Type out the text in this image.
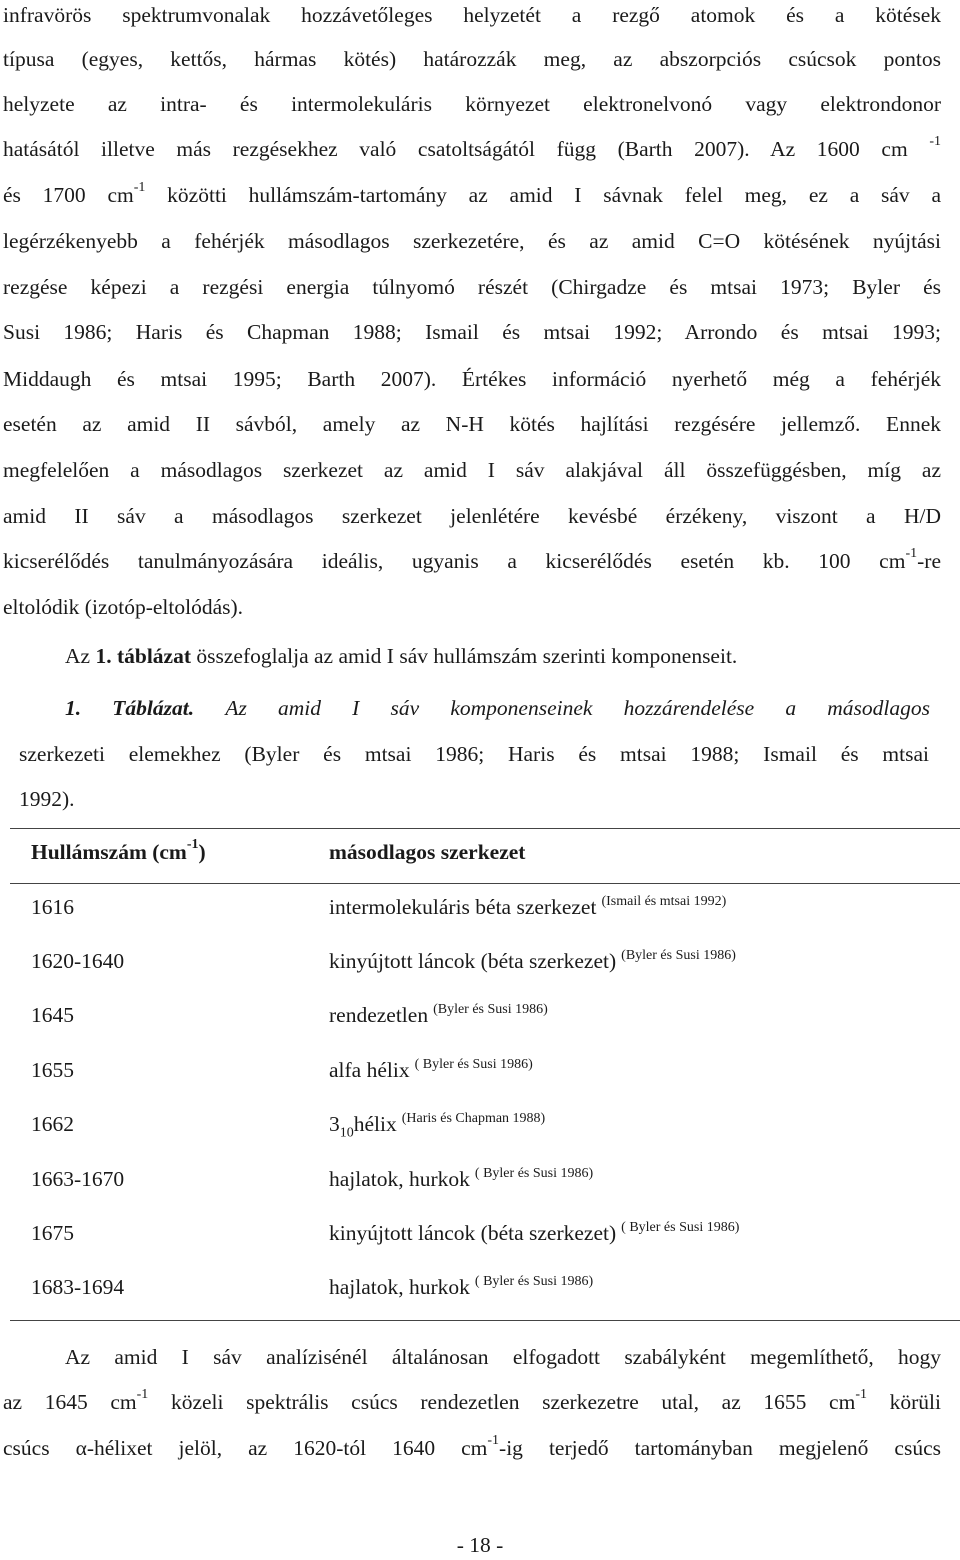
infravörös spektrumvonalak hozzávetőleges helyzetét a rezgő atomok és a kötések
típusa (egyes, kettős, hármas kötés) határozzák meg, az abszorpciós csúcsok pontos
helyzete az intra- és intermolekuláris környezet elektronelvonó vagy elektrondonor
hatásától illetve más rezgésekhez való csatoltságától függ (Barth 2007). Az 1600 cm $^{-1}$
és 1700 $cm^{-1}$ közötti hullámszám-tartomány az amid I sávnak felel meg, ez a sáv a
legérzékenyebb a fehérjék másodlagos szerkezetére, és az amid C=O kötésének nyújtási
rezgése képezi a rezgési energia túlnyomó részét (Chirgadze és mtsai 1973; Byler és
Susi 1986; Haris és Chapman 1988; Ismail és mtsai 1992; Arrondo és mtsai 1993;
Middaugh és mtsai 1995; Barth 2007). Értékes információ nyerhető még a fehérjék
esetén az amid II sávból, amely az N-H kötés hajlítási rezgésére jellemző. Ennek
megfelelően a másodlagos szerkezet az amid I sáv alakjával áll összefüggésben, míg az
amid II sáv a másodlagos szerkezet jelenlétére kevésbé érzékeny, viszont a H/D
kicserélődés tanulmányozására ideális, ugyanis a kicserélődés esetén kb. 100 $cm^{-1}-re$
eltolódik (izotóp-eltolódás).
Az 1. táblázat összefoglalja az amid I sáv hullámszám szerinti komponenseit.
1. Táblázat. Az amid I sáv komponenseinek hozzárendelése a másodlagos
szerkezeti elemekhez (Byler és mtsai 1986; Haris és mtsai 1988; Ismail és mtsai
1992).
Hullámszám $(cm^{-1})$	másodlagos szerkezet
1616	intermolekuláris béta szerkezet $^{(Ismail és mtsai 1992)}$
1620-1640	kinyújtott láncok (béta szerkezet) $^{(Byler és Susi 1986)}$
1645	rendezetlen $^{(Byler és Susi 1986)}$
1655	alfa hélix $^{( Byler és Susi 1986)}$
1662	$3_{10}hélix$ $^{(Haris és Chapman 1988)}$
1663-1670	hajlatok, hurkok $^{( Byler és Susi 1986)}$
1675	kinyújtott láncok (béta szerkezet) $^{( Byler és Susi 1986)}$
1683-1694	hajlatok, hurkok $^{( Byler és Susi 1986)}$
Az amid I sáv analízisénél általánosan elfogadott szabályként megemlíthető, hogy
az 1645 $cm^{-1}$ közeli spektrális csúcs rendezetlen szerkezetre utal, az 1655 $cm^{-1}$ körüli
csúcs α-hélixet jelöl, az 1620-tól 1640 $cm^{-1}-ig$ terjedő tartományban megjelenő csúcs
- 18 -
